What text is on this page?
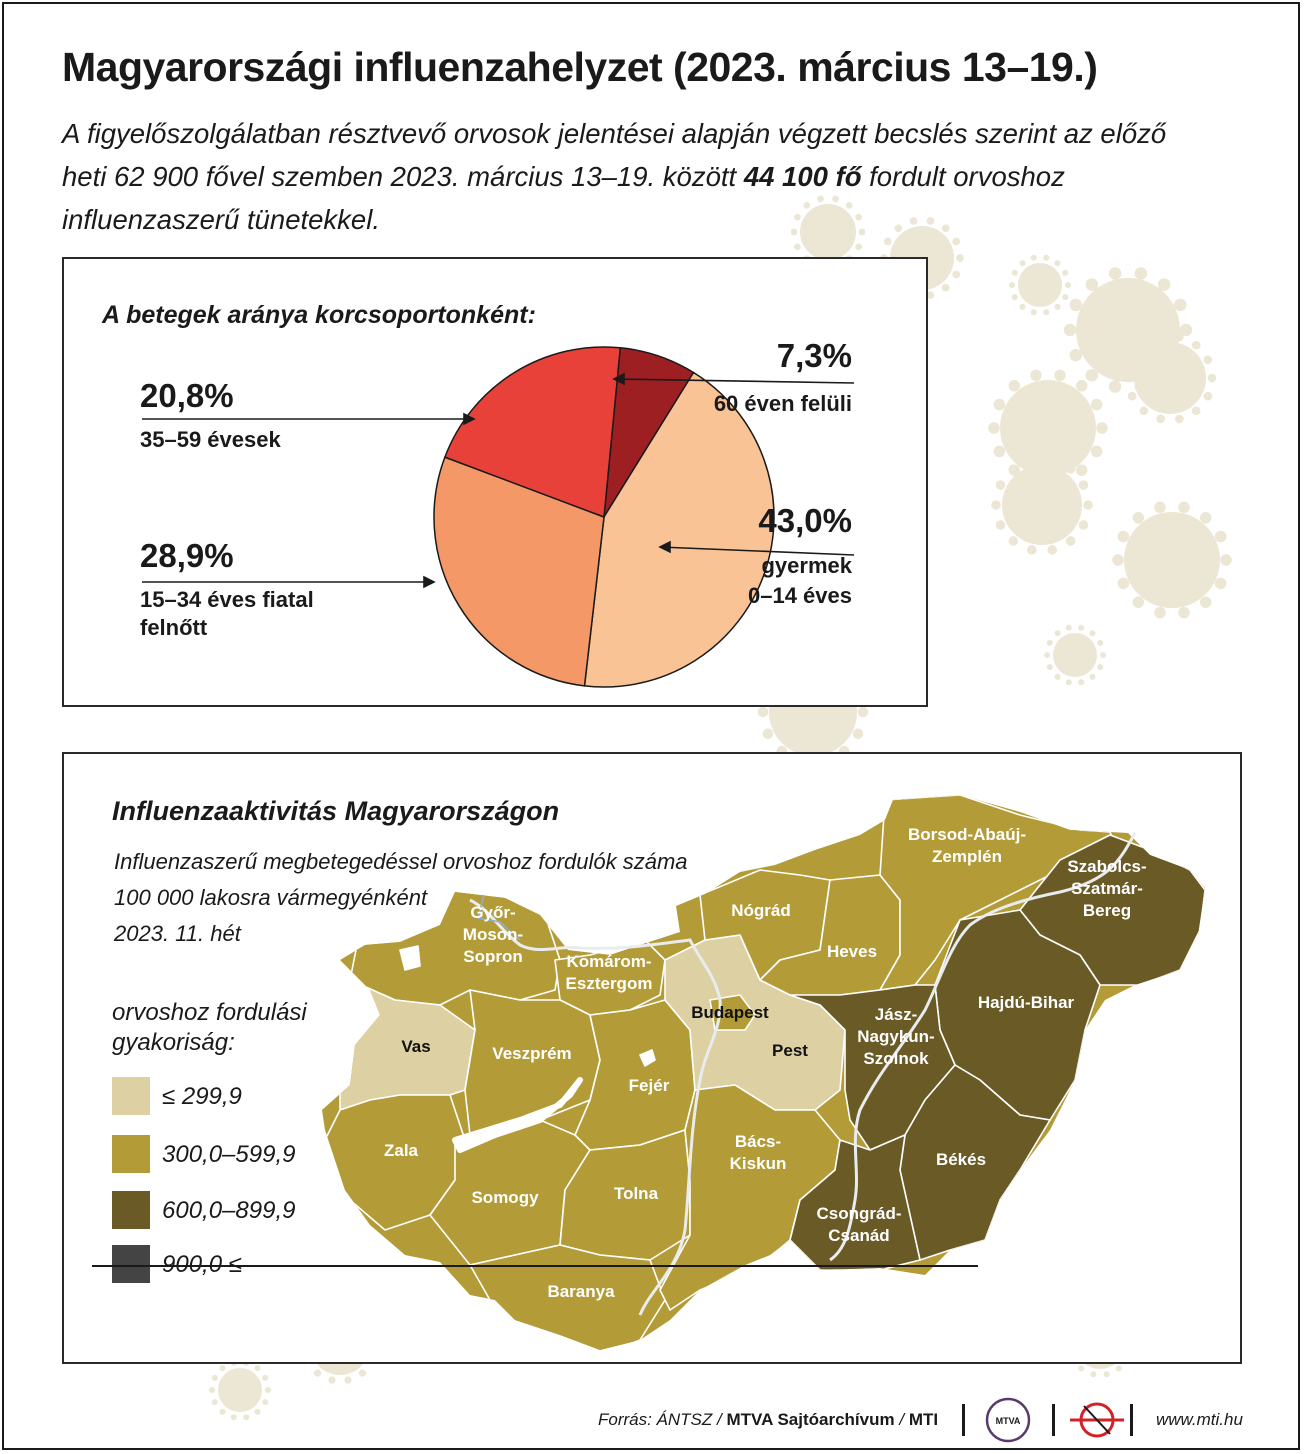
Magyarországi influenzahelyzet (2023. március 13–19.)

A figyelőszolgálatban résztvevő orvosok jelentései alapján végzett becslés szerint az előző
heti 62 900 fővel szemben 2023. március 13–19. között 44 100 fő fordult orvoshoz
influenzaszerű tünetekkel.

A betegek aránya korcsoportonként:
20,8%
35–59 évesek
28,9%
15–34 éves fiatal
felnőtt
7,3%
60 éven felüli
43,0%
gyermek
0–14 éves
Influenzaaktivitás Magyarországon
Influenzaszerű megbetegedéssel orvoshoz fordulók száma
100 000 lakosra vármegyénként
2023. 11. hét
Győr-Moson-Sopron	Komárom-Esztergom
Vas	Veszprém
Zala
Somogy
Fejér
Tolna
Baranya
Budapest
Pest
Nógrád
Heves
Borsod-Abaúj-Zemplén
Bács-Kiskun
Jász-Nagykun-Szolnok
Hajdú-Bihar
Szabolcs-Szatmár-Bereg
Békés
Csongrád-Csanád
orvoshoz fordulási
gyakoriság:
≤ 299,9
300,0–599,9
600,0–899,9
900,0 ≤
Forrás: ÁNTSZ / MTVA Sajtóarchívum / MTI	MTVA	www.mti.hu
